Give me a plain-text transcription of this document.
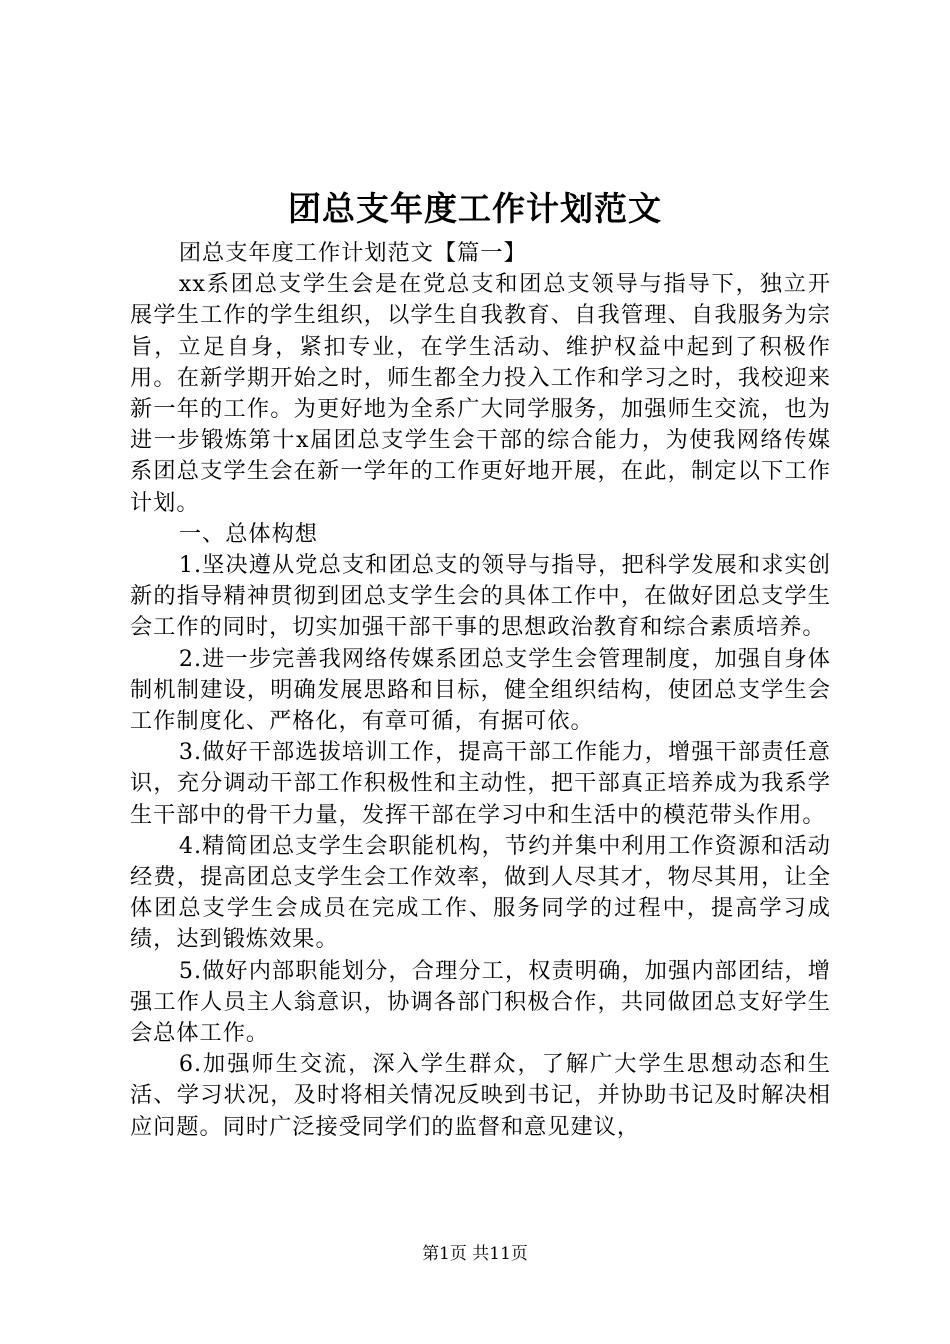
团总支年度工作计划范文

团总支年度工作计划范文【篇一】

xx系团总支学生会是在党总支和团总支领导与指导下，独立开展学生工作的学生组织，以学生自我教育、自我管理、自我服务为宗旨，立足自身，紧扣专业，在学生活动、维护权益中起到了积极作用。在新学期开始之时，师生都全力投入工作和学习之时，我校迎来新一年的工作。为更好地为全系广大同学服务，加强师生交流，也为进一步锻炼第十x届团总支学生会干部的综合能力，为使我网络传媒系团总支学生会在新一学年的工作更好地开展，在此，制定以下工作计划。

一、总体构想

1.坚决遵从党总支和团总支的领导与指导，把科学发展和求实创新的指导精神贯彻到团总支学生会的具体工作中，在做好团总支学生会工作的同时，切实加强干部干事的思想政治教育和综合素质培养。

2.进一步完善我网络传媒系团总支学生会管理制度，加强自身体制机制建设，明确发展思路和目标，健全组织结构，使团总支学生会工作制度化、严格化，有章可循，有据可依。

3.做好干部选拔培训工作，提高干部工作能力，增强干部责任意识，充分调动干部工作积极性和主动性，把干部真正培养成为我系学生干部中的骨干力量，发挥干部在学习中和生活中的模范带头作用。

4.精简团总支学生会职能机构，节约并集中利用工作资源和活动经费，提高团总支学生会工作效率，做到人尽其才，物尽其用，让全体团总支学生会成员在完成工作、服务同学的过程中，提高学习成绩，达到锻炼效果。

5.做好内部职能划分，合理分工，权责明确，加强内部团结，增强工作人员主人翁意识，协调各部门积极合作，共同做团总支好学生会总体工作。

6.加强师生交流，深入学生群众，了解广大学生思想动态和生活、学习状况，及时将相关情况反映到书记，并协助书记及时解决相应问题。同时广泛接受同学们的监督和意见建议，

第1页 共11页
